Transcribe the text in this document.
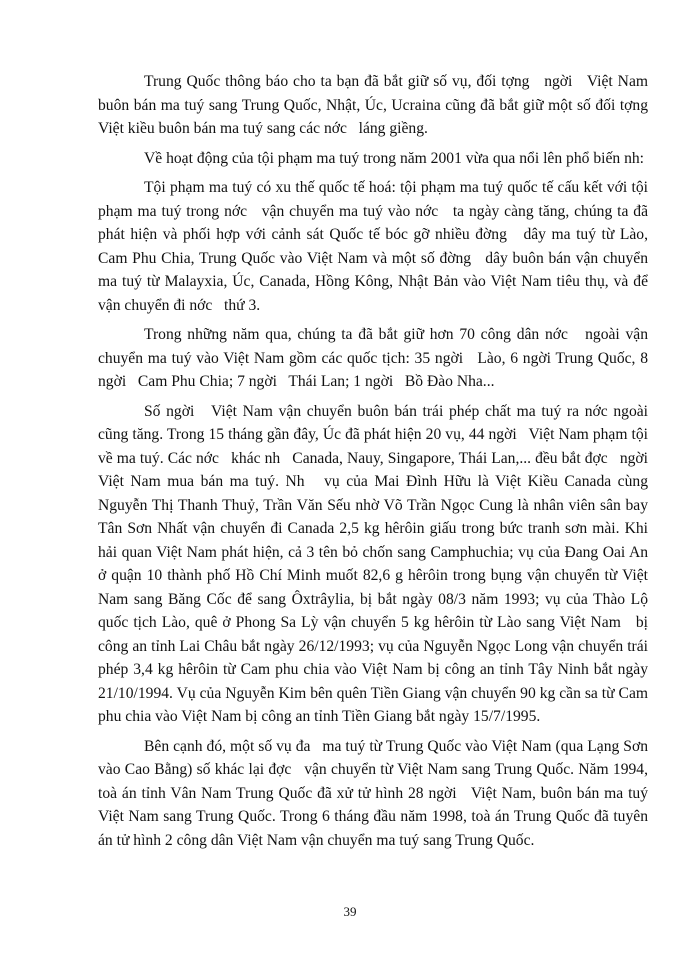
Trung Quốc thông báo cho ta bạn đã bắt giữ số vụ, đối tợng   ngời   Việt Nam buôn bán ma tuý sang Trung Quốc, Nhật, Úc, Ucraina cũng đã bắt giữ một số đối tợng   Việt kiều buôn bán ma tuý sang các nớc   láng giềng.

Về hoạt động của tội phạm ma tuý trong năm 2001 vừa qua nổi lên phổ biến nh:

Tội phạm ma tuý có xu thế quốc tế hoá: tội phạm ma tuý quốc tế cấu kết với tội phạm ma tuý trong nớc   vận chuyển ma tuý vào nớc   ta ngày càng tăng, chúng ta đã phát hiện và phối hợp với cảnh sát Quốc tế bóc gỡ nhiều đờng   dây ma tuý từ Lào, Cam Phu Chia, Trung Quốc vào Việt Nam và một số đờng   dây buôn bán vận chuyển ma tuý từ Malayxia, Úc, Canada, Hồng Kông, Nhật Bản vào Việt Nam tiêu thụ, và để vận chuyển đi nớc   thứ 3.

Trong những năm qua, chúng ta đã bắt giữ hơn 70 công dân nớc   ngoài vận chuyển ma tuý vào Việt Nam gồm các quốc tịch: 35 ngời   Lào, 6 ngời Trung Quốc, 8 ngời   Cam Phu Chia; 7 ngời   Thái Lan; 1 ngời   Bồ Đào Nha...

Số ngời   Việt Nam vận chuyển buôn bán trái phép chất ma tuý ra nớc ngoài cũng tăng. Trong 15 tháng gần đây, Úc đã phát hiện 20 vụ, 44 ngời   Việt Nam phạm tội về ma tuý. Các nớc   khác nh   Canada, Nauy, Singapore, Thái Lan,... đều bắt đợc   ngời   Việt Nam mua bán ma tuý. Nh   vụ của Mai Đình Hữu là Việt Kiều Canada cùng Nguyễn Thị Thanh Thuỷ, Trần Văn Sếu nhờ Võ Trần Ngọc Cung là nhân viên sân bay Tân Sơn Nhất vận chuyển đi Canada 2,5 kg hêrôin giấu trong bức tranh sơn mài. Khi hải quan Việt Nam phát hiện, cả 3 tên bỏ chốn sang Camphuchia; vụ của Đang Oai An ở quận 10 thành phố Hồ Chí Minh muốt 82,6 g hêrôin trong bụng vận chuyển từ Việt Nam sang Băng Cốc để sang Ôxtrâylia, bị bắt ngày 08/3 năm 1993; vụ của Thào Lộ quốc tịch Lào, quê ở Phong Sa Lỳ vận chuyển 5 kg hêrôin từ Lào sang Việt Nam   bị công an tỉnh Lai Châu bắt ngày 26/12/1993; vụ của Nguyễn Ngọc Long vận chuyển trái phép 3,4 kg hêrôin từ Cam phu chia vào Việt Nam bị công an tỉnh Tây Ninh bắt ngày 21/10/1994. Vụ của Nguyễn Kim bên quên Tiền Giang vận chuyển 90 kg cần sa từ Cam phu chia vào Việt Nam bị công an tỉnh Tiền Giang bắt ngày 15/7/1995.

Bên cạnh đó, một số vụ đa   ma tuý từ Trung Quốc vào Việt Nam (qua Lạng Sơn vào Cao Bằng) số khác lại đợc   vận chuyển từ Việt Nam sang Trung Quốc. Năm 1994, toà án tỉnh Vân Nam Trung Quốc đã xử tử hình 28 ngời   Việt Nam, buôn bán ma tuý Việt Nam sang Trung Quốc. Trong 6 tháng đầu năm 1998, toà án Trung Quốc đã tuyên án tử hình 2 công dân Việt Nam vận chuyển ma tuý sang Trung Quốc.

39
